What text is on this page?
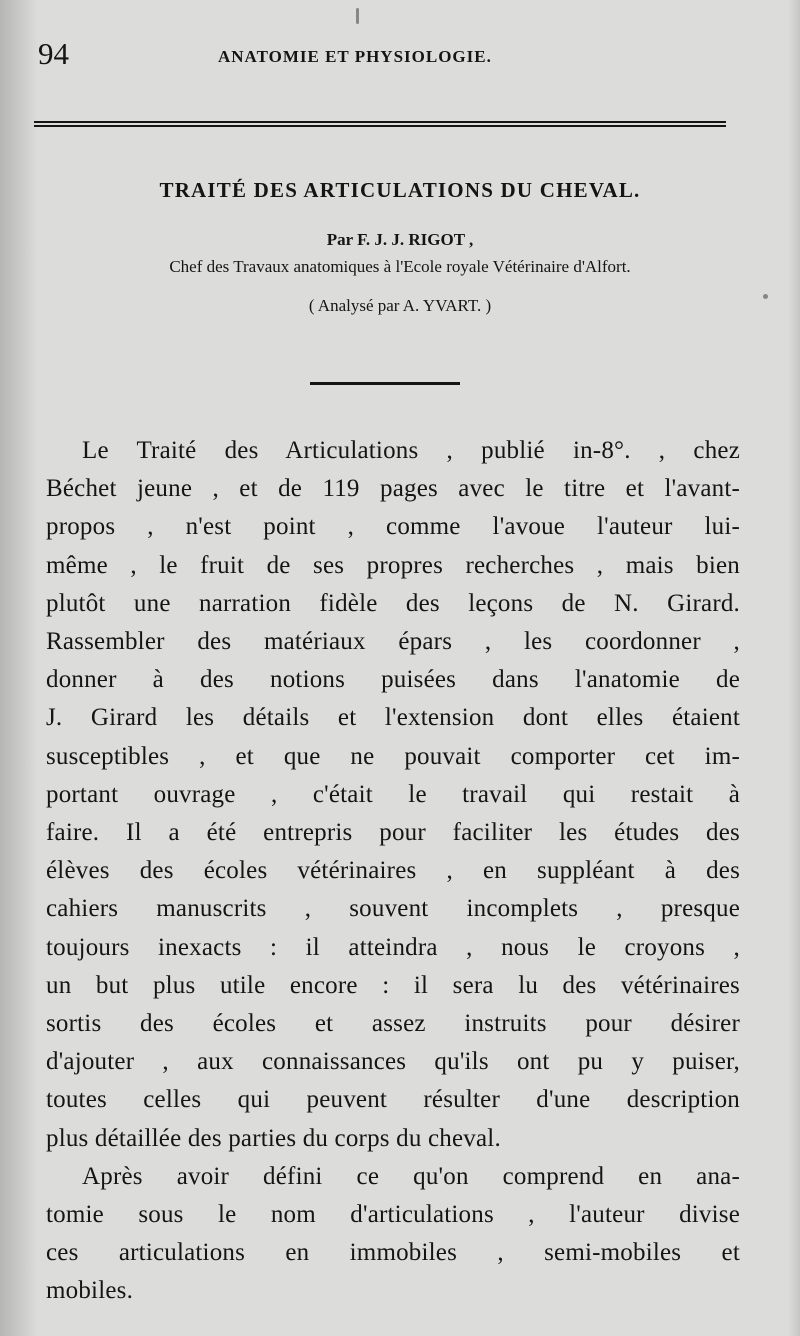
94	ANATOMIE ET PHYSIOLOGIE.
TRAITÉ DES ARTICULATIONS DU CHEVAL.
Par F. J. J. RIGOT ,
Chef des Travaux anatomiques à l'Ecole royale Vétérinaire d'Alfort.
( Analysé par A. YVART. )
Le Traité des Articulations , publié in-8°. , chez
Béchet jeune , et de 119 pages avec le titre et l'avant-
propos , n'est point , comme l'avoue l'auteur lui-
même , le fruit de ses propres recherches , mais bien
plutôt une narration fidèle des leçons de N. Girard.
Rassembler des matériaux épars , les coordonner ,
donner à des notions puisées dans l'anatomie de
J. Girard les détails et l'extension dont elles étaient
susceptibles , et que ne pouvait comporter cet im-
portant ouvrage , c'était le travail qui restait à
faire. Il a été entrepris pour faciliter les études des
élèves des écoles vétérinaires , en suppléant à des
cahiers manuscrits , souvent incomplets , presque
toujours inexacts : il atteindra , nous le croyons ,
un but plus utile encore : il sera lu des vétérinaires
sortis des écoles et assez instruits pour désirer
d'ajouter , aux connaissances qu'ils ont pu y puiser,
toutes celles qui peuvent résulter d'une description
plus détaillée des parties du corps du cheval.
Après avoir défini ce qu'on comprend en ana-
tomie sous le nom d'articulations , l'auteur divise
ces articulations en immobiles , semi-mobiles et
mobiles.
